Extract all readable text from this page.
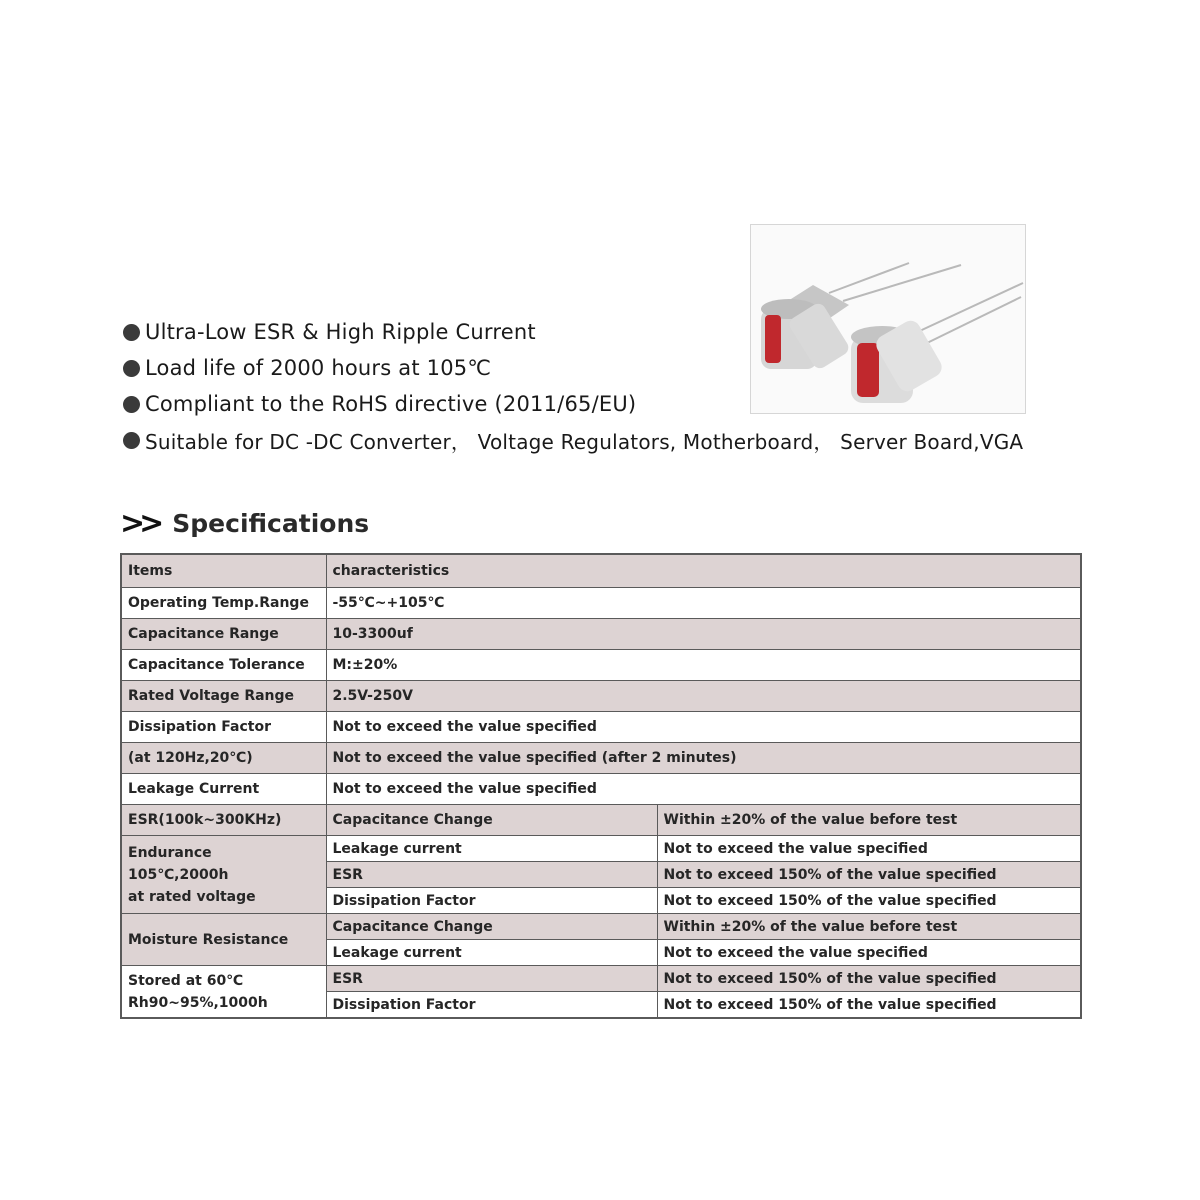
Ultra-Low ESR & High Ripple Current
Load life of 2000 hours at 105℃
Compliant to the RoHS directive (2011/65/EU)
Suitable for DC -DC Converter， Voltage Regulators, Motherboard， Server Board,VGA
>> Specifications
Items	characteristics	
Operating Temp.Range	-55℃~+105℃	
Capacitance Range	10-3300uf	
Capacitance Tolerance	M:±20%	
Rated Voltage Range	2.5V-250V	
Dissipation Factor	Not to exceed the value specified	
(at 120Hz,20℃)	Not to exceed the value specified (after 2 minutes)	
Leakage Current	Not to exceed the value specified	
ESR(100k~300KHz)	Capacitance Change	Within ±20% of the value before test

Endurance
105℃,2000h
at rated voltage	Leakage current	Not to exceed the value specified
	ESR	Not to exceed 150% of the value specified
	Dissipation Factor	Not to exceed 150% of the value specified
Moisture Resistance	Capacitance Change	Within ±20% of the value before test
	Leakage current	Not to exceed the value specified

Stored at 60℃
Rh90~95%,1000h	ESR	Not to exceed 150% of the value specified
	Dissipation Factor	Not to exceed 150% of the value specified
